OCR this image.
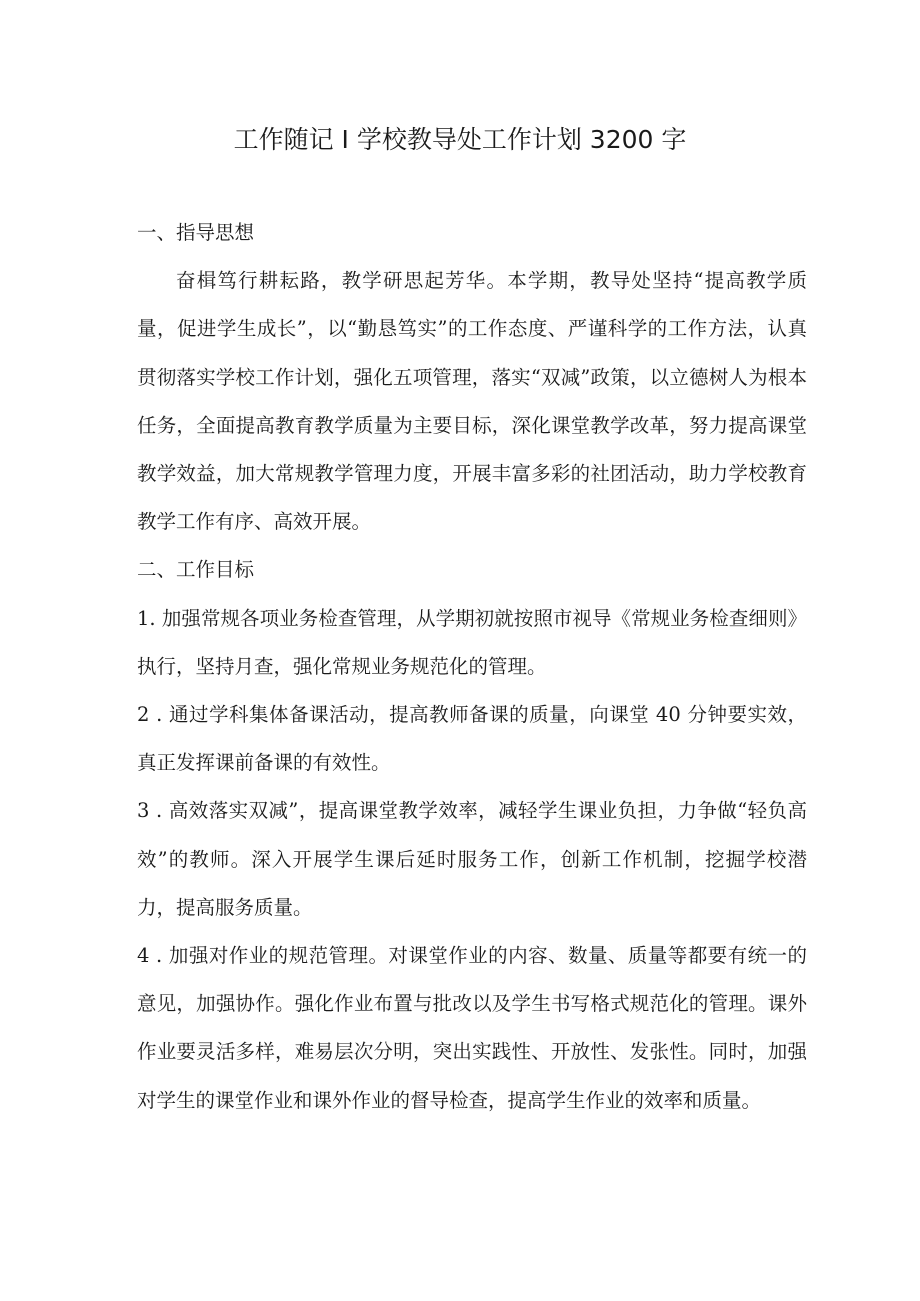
工作随记 I 学校教导处工作计划 3200 字

一、指导思想

奋楫笃行耕耘路，教学研思起芳华。本学期，教导处坚持“提高教学质量，促进学生成长”，以“勤恳笃实”的工作态度、严谨科学的工作方法，认真贯彻落实学校工作计划，强化五项管理，落实“双减”政策，以立德树人为根本任务，全面提高教育教学质量为主要目标，深化课堂教学改革，努力提高课堂教学效益，加大常规教学管理力度，开展丰富多彩的社团活动，助力学校教育教学工作有序、高效开展。

二、工作目标

1. 加强常规各项业务检查管理，从学期初就按照市视导《常规业务检查细则》执行，坚持月查，强化常规业务规范化的管理。

2 . 通过学科集体备课活动，提高教师备课的质量，向课堂 40 分钟要实效，真正发挥课前备课的有效性。

3 . 高效落实双减”，提高课堂教学效率，减轻学生课业负担，力争做“轻负高效”的教师。深入开展学生课后延时服务工作，创新工作机制，挖掘学校潜力，提高服务质量。

4 . 加强对作业的规范管理。对课堂作业的内容、数量、质量等都要有统一的意见，加强协作。强化作业布置与批改以及学生书写格式规范化的管理。课外作业要灵活多样，难易层次分明，突出实践性、开放性、发张性。同时，加强对学生的课堂作业和课外作业的督导检查，提高学生作业的效率和质量。
